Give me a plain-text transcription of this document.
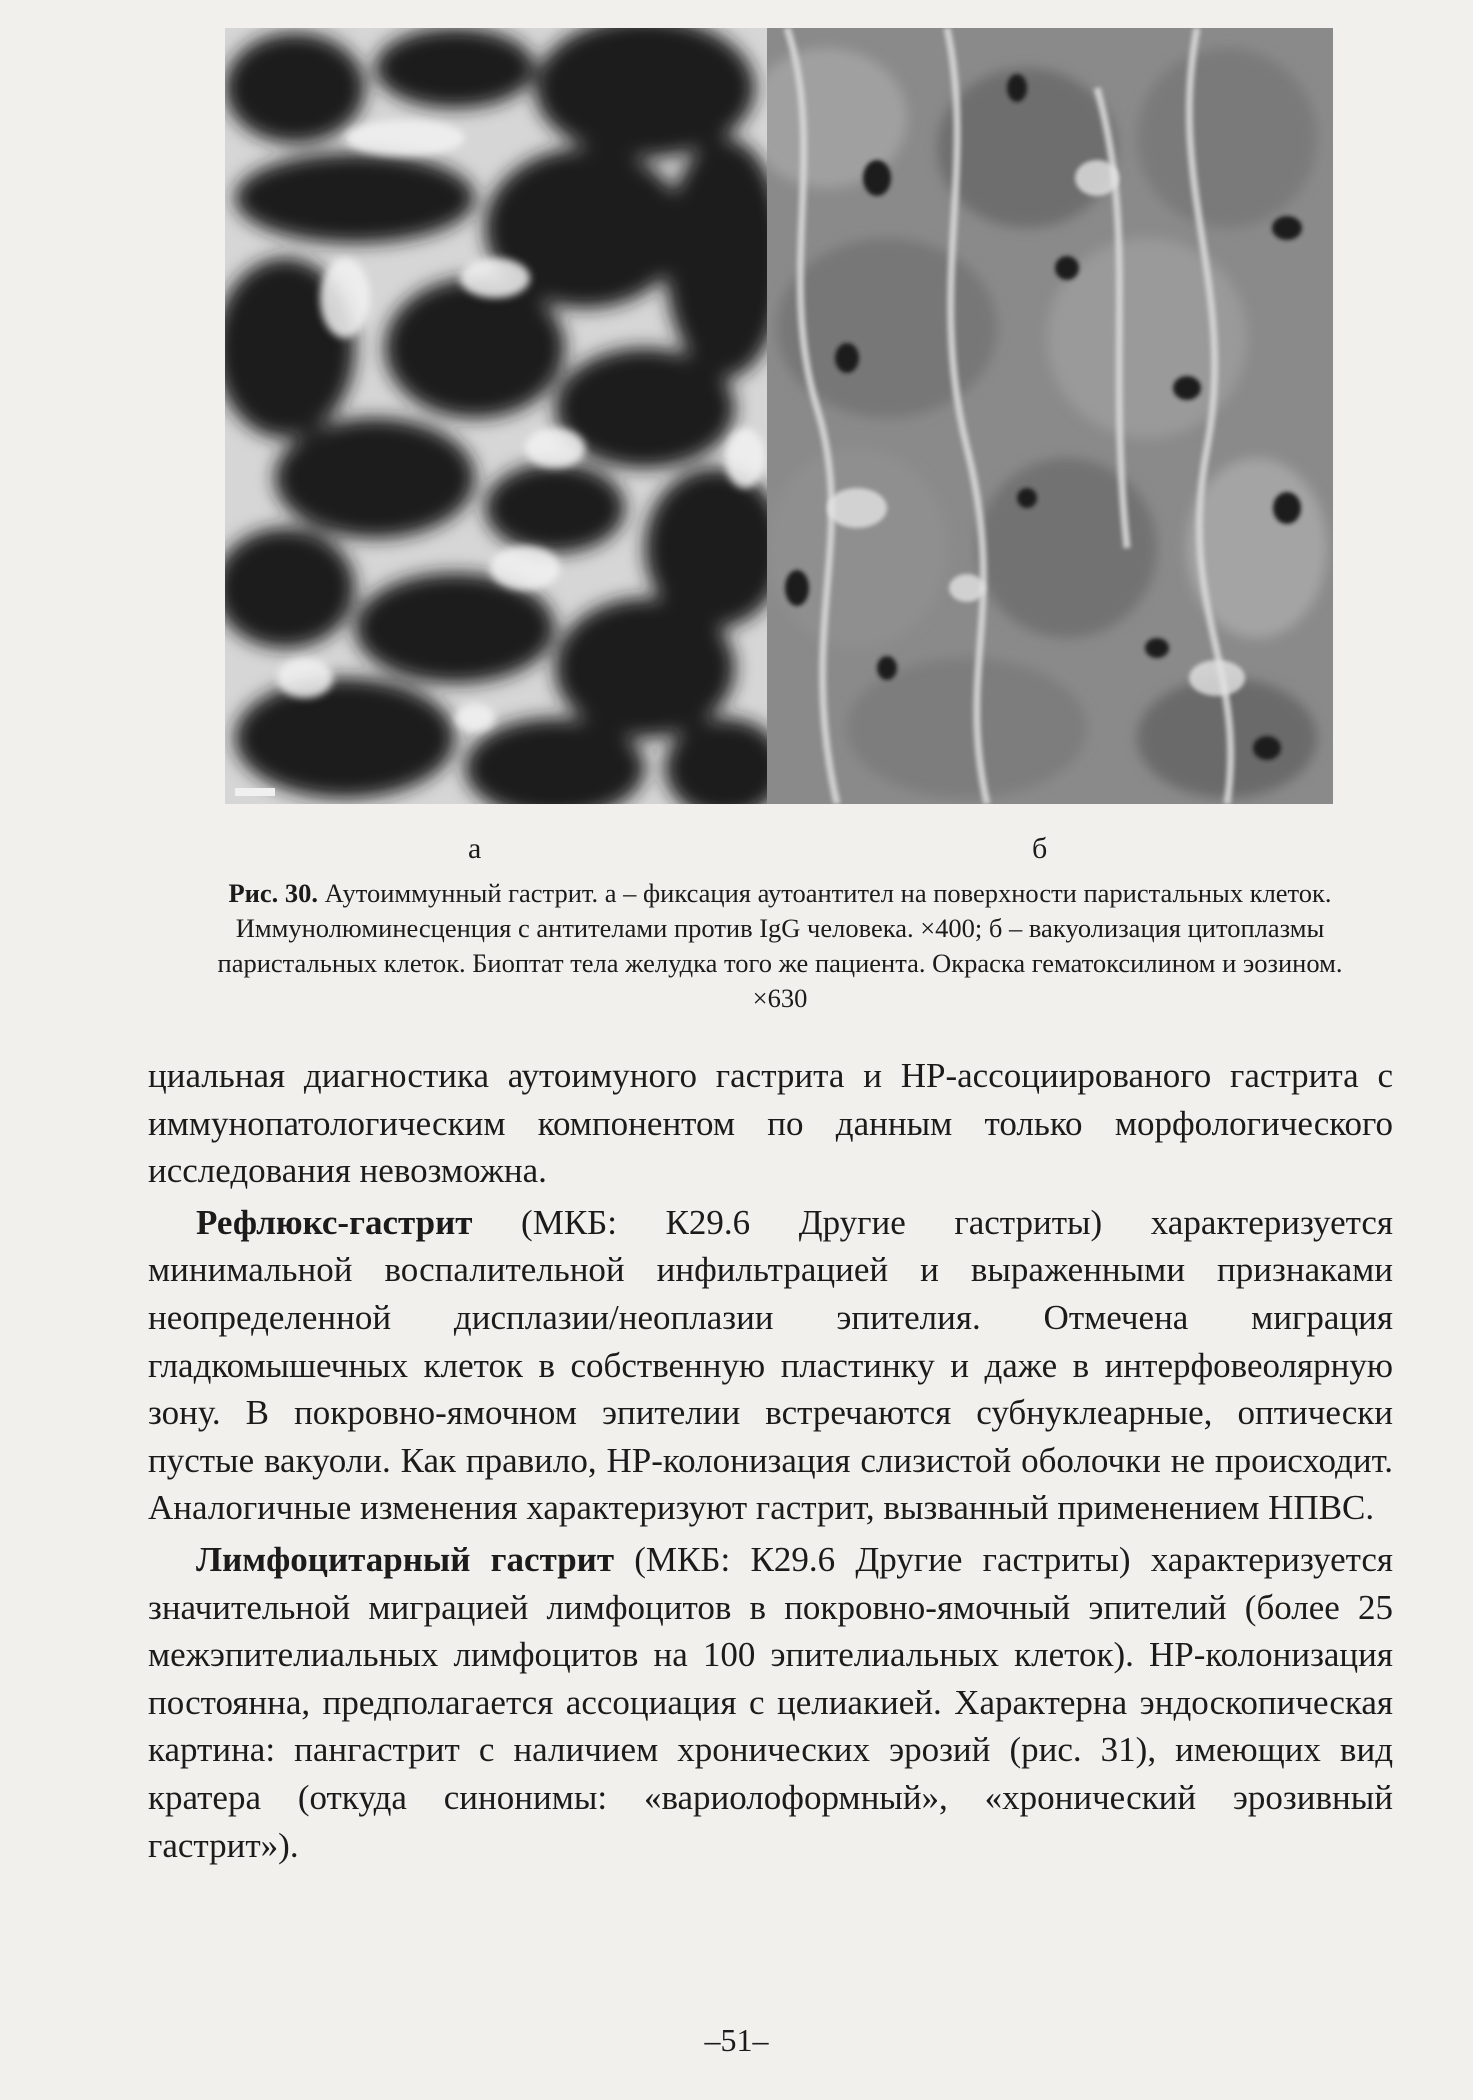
а	б
Рис. 30. Аутоиммунный гастрит. а – фиксация аутоантител на поверхности паристальных клеток. Иммунолюминесценция с антителами против IgG человека. ×400; б – вакуолизация цитоплазмы паристальных клеток. Биоптат тела желудка того же пациента. Окраска гематоксилином и эозином. ×630

циальная диагностика аутоимуного гастрита и НР-ассоциированого гастрита с иммунопатологическим компонентом по данным только морфологического исследования невозможна.

Рефлюкс-гастрит (МКБ: К29.6 Другие гастриты) характеризуется минимальной воспалительной инфильтрацией и выраженными признаками неопределенной дисплазии/неоплазии эпителия. Отмечена миграция гладкомышечных клеток в собственную пластинку и даже в интерфовеолярную зону. В покровно-ямочном эпителии встречаются субнуклеарные, оптически пустые вакуоли. Как правило, НР-колонизация слизистой оболочки не происходит. Аналогичные изменения характеризуют гастрит, вызванный применением НПВС.

Лимфоцитарный гастрит (МКБ: К29.6 Другие гастриты) характеризуется значительной миграцией лимфоцитов в покровно-ямочный эпителий (более 25 межэпителиальных лимфоцитов на 100 эпителиальных клеток). НР-колонизация постоянна, предполагается ассоциация с целиакией. Характерна эндоскопическая картина: пангастрит с наличием хронических эрозий (рис. 31), имеющих вид кратера (откуда синонимы: «вариолоформный», «хронический эрозивный гастрит»).

–51–
